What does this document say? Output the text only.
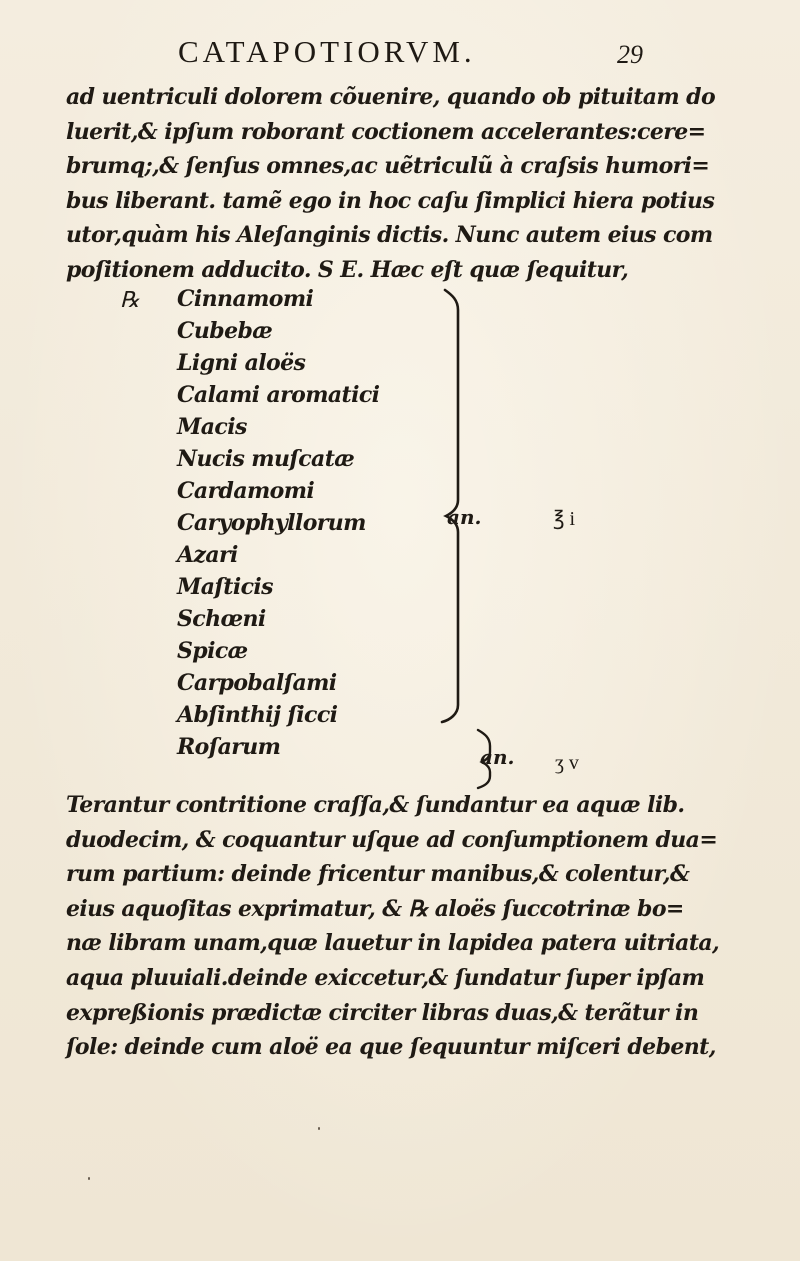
CATAPOTIORVM.	29
ad uentriculi dolorem cõuenire, quando ob pituitam do
luerit,& ipſum roborant coctionem accelerantes:cere=
brumq;,& ſenſus omnes,ac uẽtriculũ à craſsis humori=
bus liberant. tamẽ ego in hoc caſu ſimplici hiera potius
utor,quàm his Aleſanginis dictis. Nunc autem eius com
poſitionem adducito. S E. Hæc eſt quæ ſequitur,
℞ Cinnamomi
Cubebæ
Ligni aloës
Calami aromatici
Macis
Nucis muſcatæ
Cardamomi
Caryophyllorum
Azari
Maſticis
Schœni
Spicæ
Carpobalſami
Abſinthij ſicci
Roſarum
an.	℥ i
an. ʒ v
Terantur contritione craſſa,& ſundantur ea aquæ lib.
duodecim, & coquantur uſque ad conſumptionem dua=
rum partium: deinde fricentur manibus,& colentur,&
eius aquoſitas exprimatur, & ℞ aloës ſuccotrinæ bo=
næ libram unam,quæ lauetur in lapidea patera uitriata,
aqua pluuiali.deinde exiccetur,& ſundatur ſuper ipſam
expreßionis prædictæ circiter libras duas,& terãtur in
ſole: deinde cum aloë ea que ſequuntur miſceri debent,
